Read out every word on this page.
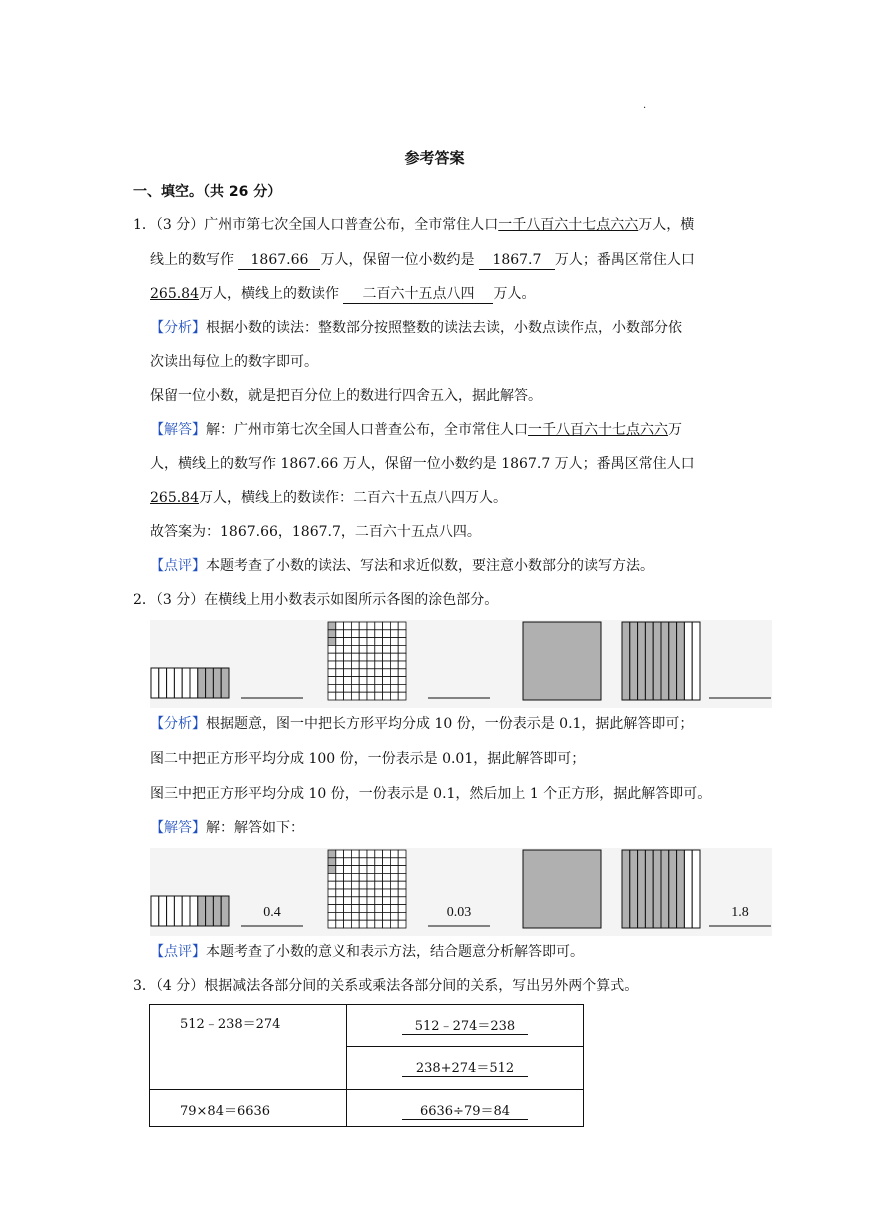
.
参考答案
一、填空。（共 26 分）
1．（3 分）广州市第七次全国人口普查公布，全市常住人口一千八百六十七点六六万人，横
线上的数写作 1867.66 万人，保留一位小数约是 1867.7 万人；番禺区常住人口
265.84万人，横线上的数读作 二百六十五点八四 万人。
【分析】根据小数的读法：整数部分按照整数的读法去读，小数点读作点，小数部分依
次读出每位上的数字即可。
保留一位小数，就是把百分位上的数进行四舍五入，据此解答。
【解答】解：广州市第七次全国人口普查公布，全市常住人口一千八百六十七点六六万
人，横线上的数写作 1867.66 万人，保留一位小数约是 1867.7 万人；番禺区常住人口
265.84万人，横线上的数读作：二百六十五点八四万人。
故答案为：1867.66，1867.7，二百六十五点八四。
【点评】本题考查了小数的读法、写法和求近似数，要注意小数部分的读写方法。
2．（3 分）在横线上用小数表示如图所示各图的涂色部分。
【分析】根据题意，图一中把长方形平均分成 10 份，一份表示是 0.1，据此解答即可；
图二中把正方形平均分成 100 份，一份表示是 0.01，据此解答即可；
图三中把正方形平均分成 10 份，一份表示是 0.1，然后加上 1 个正方形，据此解答即可。
【解答】解：解答如下：
0.4	0.03	1.8
【点评】本题考查了小数的意义和表示方法，结合题意分析解答即可。
3．（4 分）根据减法各部分间的关系或乘法各部分间的关系，写出另外两个算式。
512﹣238＝274	512﹣274＝238
	238+274＝512
79×84＝6636	6636÷79＝84
